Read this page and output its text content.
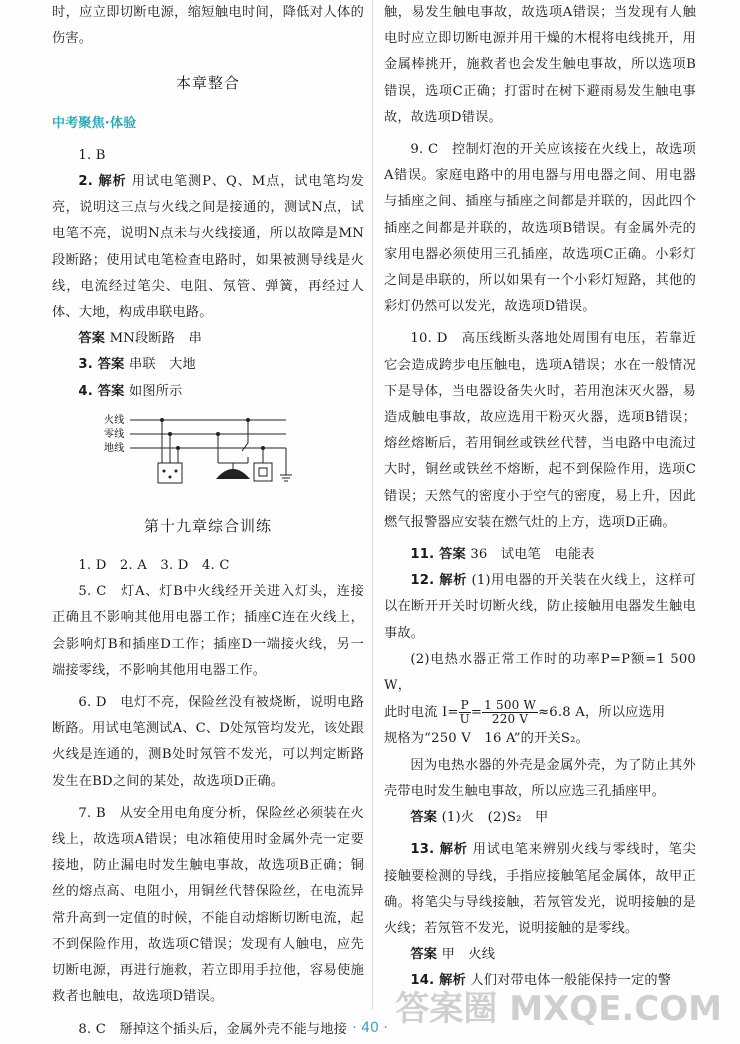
时，应立即切断电源，缩短触电时间，降低对人体的伤害。

本章整合
中考聚焦·体验

1. B

2. 解析 用试电笔测P、Q、M点，试电笔均发亮，说明这三点与火线之间是接通的，测试N点，试电笔不亮，说明N点未与火线接通，所以故障是MN段断路；使用试电笔检查电路时，如果被测导线是火线，电流经过笔尖、电阻、氖管、弹簧，再经过人体、大地，构成串联电路。

答案 MN段断路　串

3. 答案 串联　大地

4. 答案 如图所示

火线
零线
地线
第十九章综合训练

1. D　2. A　3. D　4. C

5. C　灯A、灯B中火线经开关进入灯头，连接正确且不影响其他用电器工作；插座C连在火线上，会影响灯B和插座D工作；插座D一端接火线，另一端接零线，不影响其他用电器工作。

6. D　电灯不亮，保险丝没有被烧断，说明电路断路。用试电笔测试A、C、D处氖管均发光，该处跟火线是连通的，测B处时氖管不发光，可以判定断路发生在BD之间的某处，故选项D正确。

7. B　从安全用电角度分析，保险丝必须装在火线上，故选项A错误；电冰箱使用时金属外壳一定要接地，防止漏电时发生触电事故，故选项B正确；铜丝的熔点高、电阻小，用铜丝代替保险丝，在电流异常升高到一定值的时候，不能自动熔断切断电流，起不到保险作用，故选项C错误；发现有人触电，应先切断电源，再进行施救，若立即用手拉他，容易使施救者也触电，故选项D错误。

8. C　掰掉这个插头后，金属外壳不能与地接

触，易发生触电事故，故选项A错误；当发现有人触电时应立即切断电源并用干燥的木棍将电线挑开，用金属棒挑开，施救者也会发生触电事故，所以选项B错误，选项C正确；打雷时在树下避雨易发生触电事故，故选项D错误。

9. C　控制灯泡的开关应该接在火线上，故选项A错误。家庭电路中的用电器与用电器之间、用电器与插座之间、插座与插座之间都是并联的，因此四个插座之间都是并联的，故选项B错误。有金属外壳的家用电器必须使用三孔插座，故选项C正确。小彩灯之间是串联的，所以如果有一个小彩灯短路，其他的彩灯仍然可以发光，故选项D错误。

10. D　高压线断头落地处周围有电压，若靠近它会造成跨步电压触电，选项A错误；水在一般情况下是导体，当电器设备失火时，若用泡沫灭火器，易造成触电事故，故应选用干粉灭火器，选项B错误；熔丝熔断后，若用铜丝或铁丝代替，当电路中电流过大时，铜丝或铁丝不熔断，起不到保险作用，选项C错误；天然气的密度小于空气的密度，易上升，因此燃气报警器应安装在燃气灶的上方，选项D正确。

11. 答案 36　试电笔　电能表

12. 解析 (1)用电器的开关装在火线上，这样可以在断开开关时切断火线，防止接触用电器发生触电事故。

(2)电热水器正常工作时的功率P=P额=1 500 W，

此时电流 $I= \frac{P}{U} = \frac{1 500 W}{220 V} \approx 6.8$ A，所以应选用

规格为“250 V　16 A”的开关S₂。

因为电热水器的外壳是金属外壳，为了防止其外壳带电时发生触电事故，所以应选三孔插座甲。

答案 (1)火　(2)S₂　甲

13. 解析 用试电笔来辨别火线与零线时，笔尖接触要检测的导线，手指应接触笔尾金属体，故甲正确。将笔尖与导线接触，若氖管发光，说明接触的是火线；若氖管不发光，说明接触的是零线。

答案 甲　火线

14. 解析 人们对带电体一般能保持一定的警

· 40 · 答案圈 MXQE.COM
